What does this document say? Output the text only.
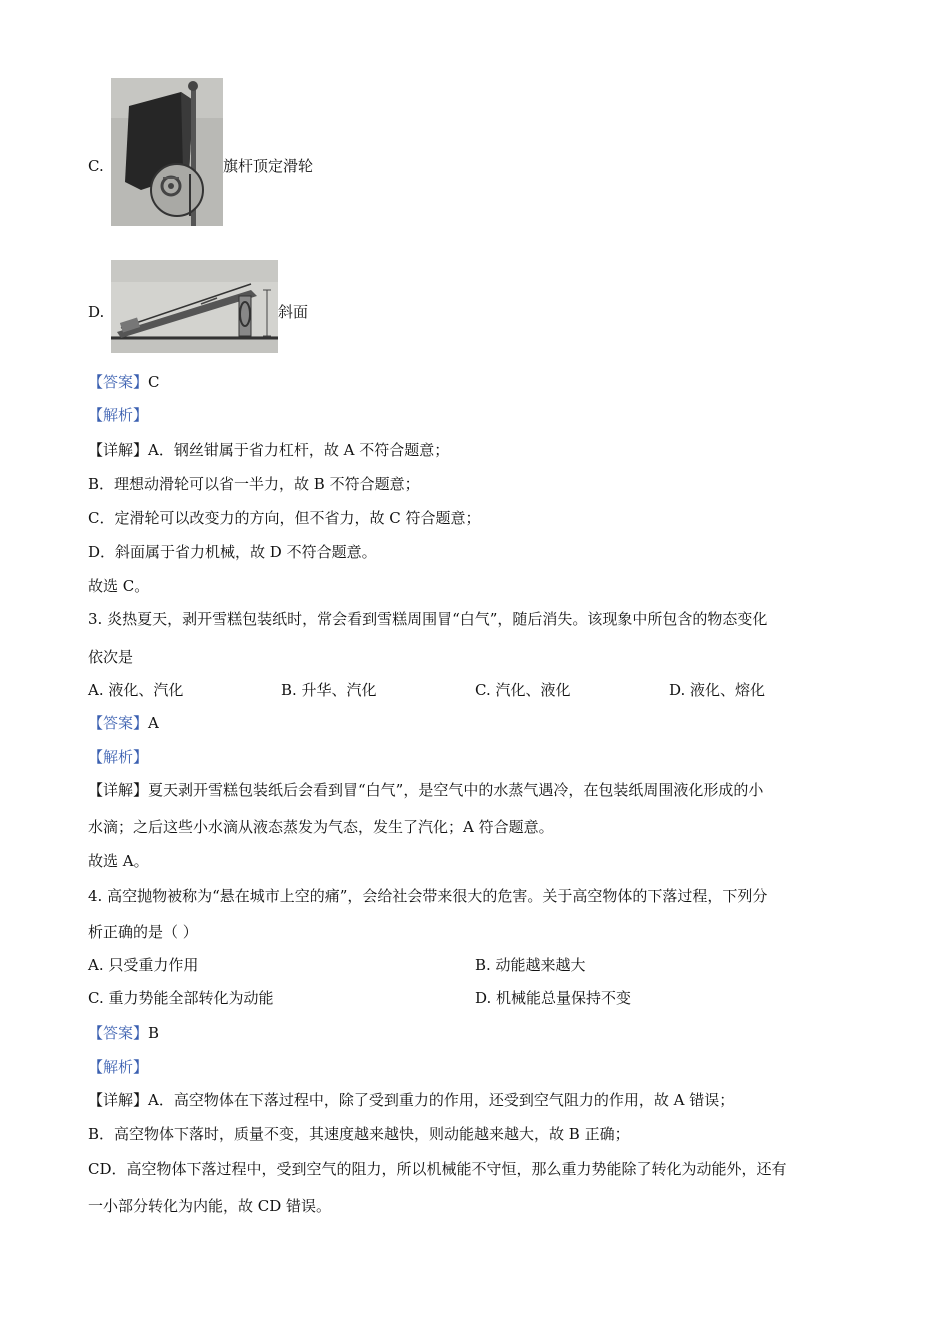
C.	旗杆顶定滑轮
D.	斜面
【答案】C
【解析】
【详解】A．钢丝钳属于省力杠杆，故 A 不符合题意；
B．理想动滑轮可以省一半力，故 B 不符合题意；
C．定滑轮可以改变力的方向，但不省力，故 C 符合题意；
D．斜面属于省力机械，故 D 不符合题意。
故选 C。
3. 炎热夏天，剥开雪糕包装纸时，常会看到雪糕周围冒“白气”，随后消失。该现象中所包含的物态变化
依次是
A. 液化、汽化	B. 升华、汽化	C. 汽化、液化	D. 液化、熔化
【答案】A
【解析】
【详解】夏天剥开雪糕包装纸后会看到冒“白气”，是空气中的水蒸气遇冷，在包装纸周围液化形成的小
水滴；之后这些小水滴从液态蒸发为气态，发生了汽化；A 符合题意。
故选 A。
4. 高空抛物被称为“悬在城市上空的痛”，会给社会带来很大的危害。关于高空物体的下落过程，下列分
析正确的是（ ）
A. 只受重力作用	B. 动能越来越大
C. 重力势能全部转化为动能	D. 机械能总量保持不变
【答案】B
【解析】
【详解】A．高空物体在下落过程中，除了受到重力的作用，还受到空气阻力的作用，故 A 错误；
B．高空物体下落时，质量不变，其速度越来越快，则动能越来越大，故 B 正确；
CD．高空物体下落过程中，受到空气的阻力，所以机械能不守恒，那么重力势能除了转化为动能外，还有
一小部分转化为内能，故 CD 错误。
